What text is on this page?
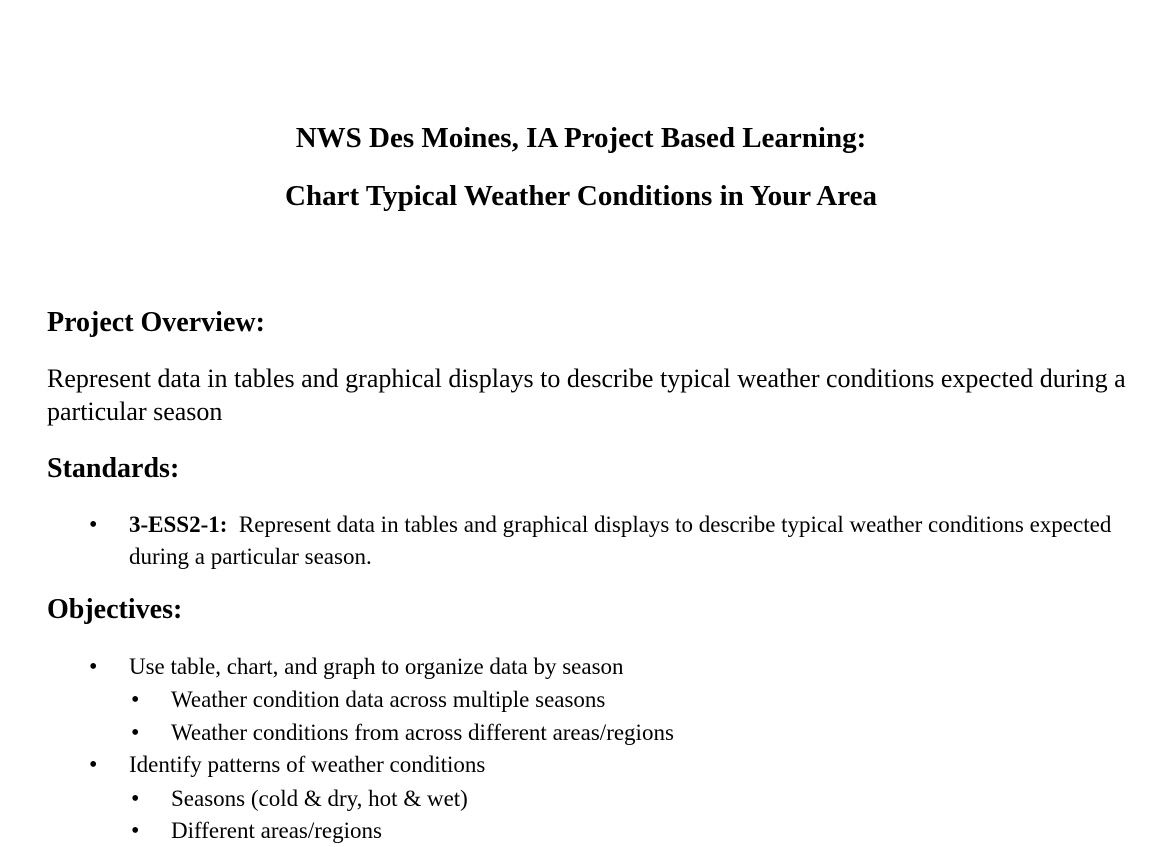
NWS Des Moines, IA Project Based Learning:
Chart Typical Weather Conditions in Your Area
Project Overview:
Represent data in tables and graphical displays to describe typical weather conditions expected during a particular season
Standards:
• 3-ESS2-1: Represent data in tables and graphical displays to describe typical weather conditions expected during a particular season.
Objectives:
• Use table, chart, and graph to organize data by season
• Weather condition data across multiple seasons
• Weather conditions from across different areas/regions
• Identify patterns of weather conditions
• Seasons (cold & dry, hot & wet)
• Different areas/regions
